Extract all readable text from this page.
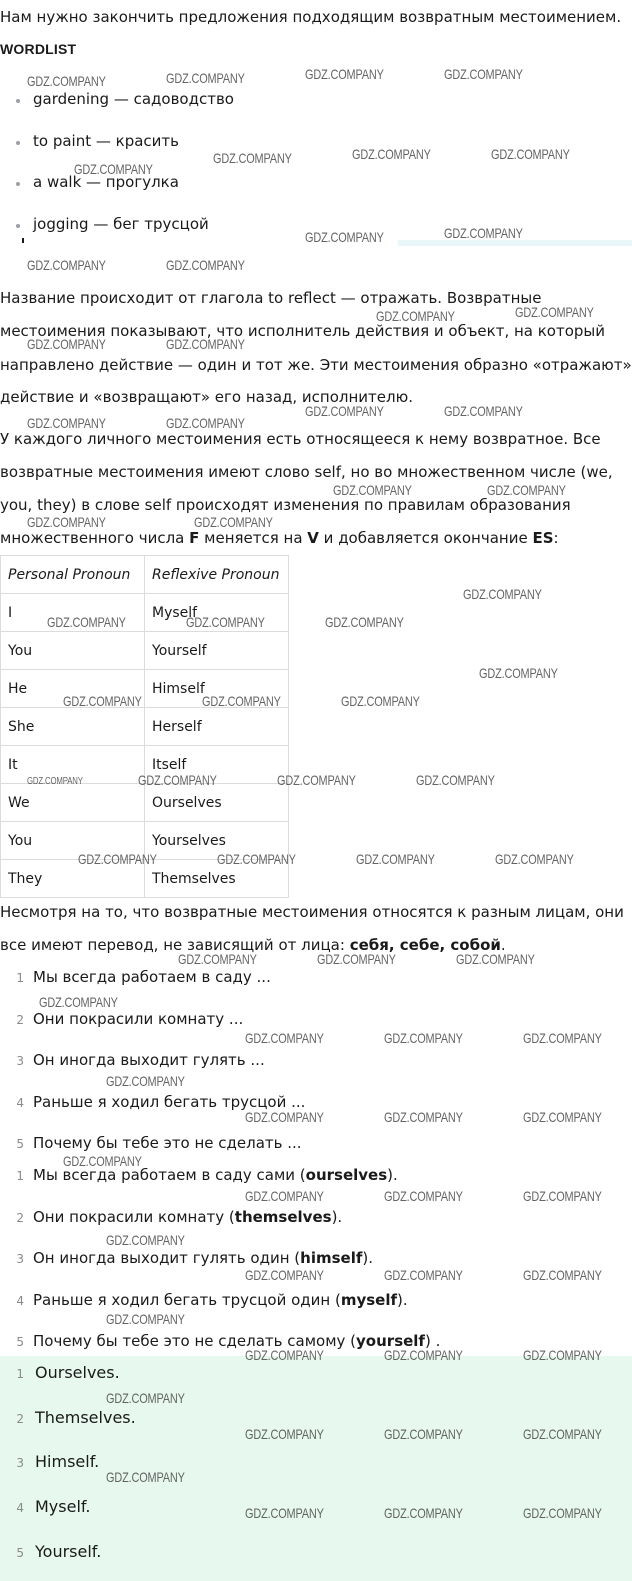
Нам нужно закончить предложения подходящим возвратным местоимением.
WORDLIST
gardening — садоводство
to paint — красить
a walk — прогулка
jogging — бег трусцой
Название происходит от глагола to reflect — отражать. Возвратные
местоимения показывают, что исполнитель действия и объект, на который
направлено действие — один и тот же. Эти местоимения образно «отражают»
действие и «возвращают» его назад, исполнителю.
У каждого личного местоимения есть относящееся к нему возвратное. Все
возвратные местоимения имеют слово self, но во множественном числе (we,
you, they) в слове self происходят изменения по правилам образования
множественного числа F меняется на V и добавляется окончание ES:
Personal Pronoun	Reflexive Pronoun
I	Myself
You	Yourself
He	Himself
She	Herself
It	Itself
We	Ourselves
You	Yourselves
They	Themselves
Несмотря на то, что возвратные местоимения относятся к разным лицам, они
все имеют перевод, не зависящий от лица: себя, себе, собой.
1 Мы всегда работаем в саду ...
2 Они покрасили комнату ...
3 Он иногда выходит гулять ...
4 Раньше я ходил бегать трусцой ...
5 Почему бы тебе это не сделать ...
1 Мы всегда работаем в саду сами (ourselves).
2 Они покрасили комнату (themselves).
3 Он иногда выходит гулять один (himself).
4 Раньше я ходил бегать трусцой один (myself).
5 Почему бы тебе это не сделать самому (yourself) .
1 Ourselves.
2 Themselves.
3 Himself.
4 Myself.
5 Yourself.
GDZ.COMPANY	GDZ.COMPANY	GDZ.COMPANY	GDZ.COMPANY
GDZ.COMPANY
GDZ.COMPANY	GDZ.COMPANY	GDZ.COMPANY
GDZ.COMPANY	GDZ.COMPANY
GDZ.COMPANY	GDZ.COMPANY
GDZ.COMPANY	GDZ.COMPANY
GDZ.COMPANY	GDZ.COMPANY
GDZ.COMPANY	GDZ.COMPANY
GDZ.COMPANY	GDZ.COMPANY
GDZ.COMPANY	GDZ.COMPANY
GDZ.COMPANY	GDZ.COMPANY
GDZ.COMPANY
GDZ.COMPANY	GDZ.COMPANY	GDZ.COMPANY
GDZ.COMPANY
GDZ.COMPANY	GDZ.COMPANY	GDZ.COMPANY
GDZ.COMPANY	GDZ.COMPANY	GDZ.COMPANY
GDZ.COMPANY	GDZ.COMPANY	GDZ.COMPANY	GDZ.COMPANY
GDZ.COMPANY	GDZ.COMPANY	GDZ.COMPANY
GDZ.COMPANY
GDZ.COMPANY	GDZ.COMPANY	GDZ.COMPANY
GDZ.COMPANY
GDZ.COMPANY	GDZ.COMPANY	GDZ.COMPANY
GDZ.COMPANY
GDZ.COMPANY	GDZ.COMPANY	GDZ.COMPANY
GDZ.COMPANY
GDZ.COMPANY	GDZ.COMPANY	GDZ.COMPANY
GDZ.COMPANY
GDZ.COMPANY	GDZ.COMPANY	GDZ.COMPANY
GDZ.COMPANY
GDZ.COMPANY	GDZ.COMPANY	GDZ.COMPANY
GDZ.COMPANY
GDZ.COMPANY	GDZ.COMPANY	GDZ.COMPANY
GDZ.COMPANY
